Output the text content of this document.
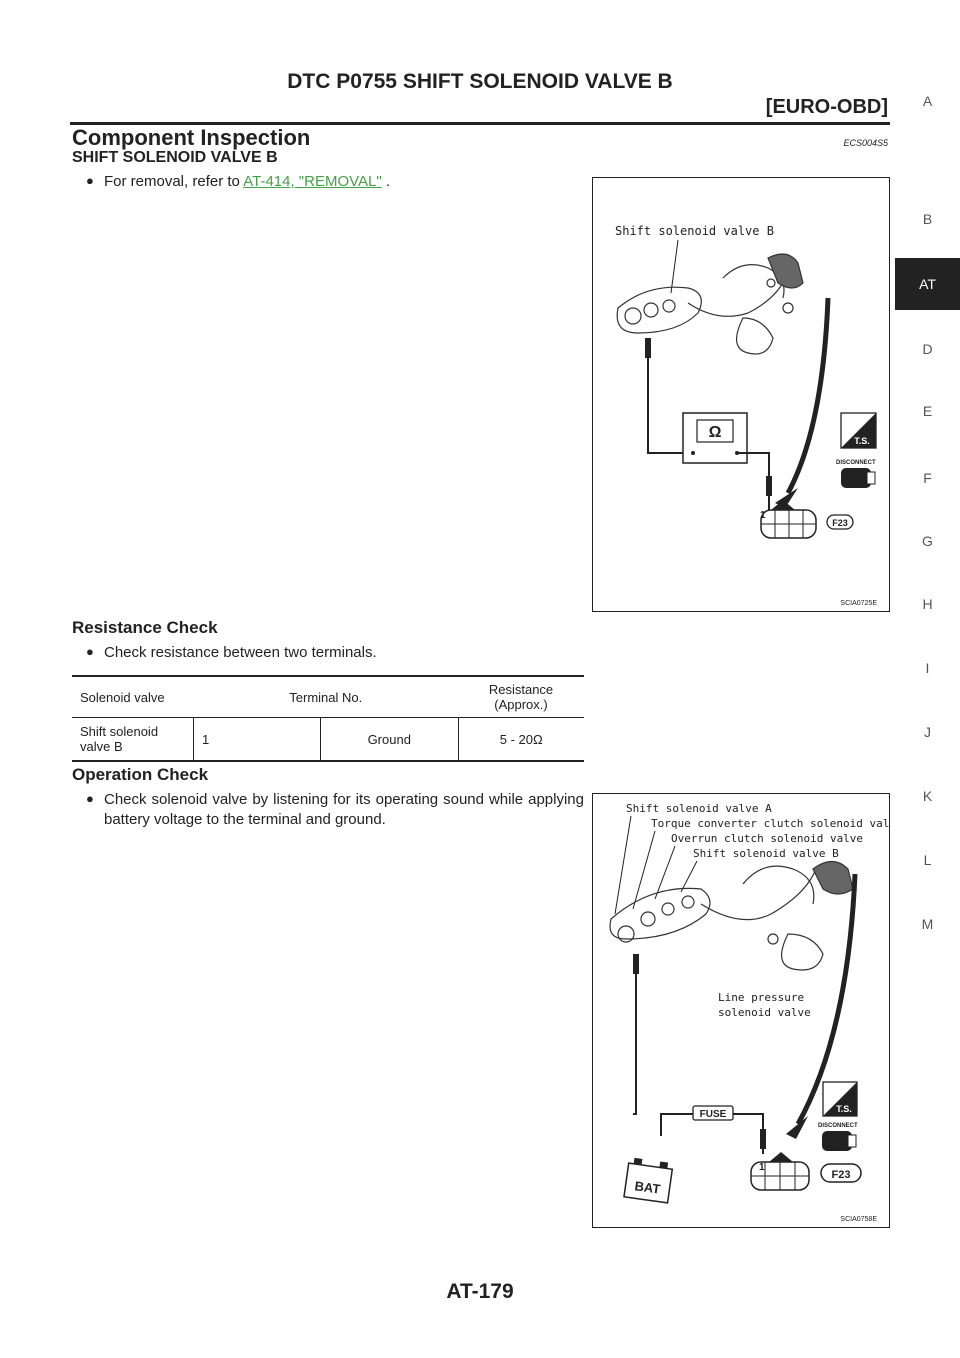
DTC P0755 SHIFT SOLENOID VALVE B
[EURO-OBD]
Component Inspection	ECS004S5
SHIFT SOLENOID VALVE B
● For removal, refer to AT-414, "REMOVAL" .
Shift solenoid valve B
Ω
1
F23
T.S.
DISCONNECT
SCIA0725E
Resistance Check
● Check resistance between two terminals.
Solenoid valve	Terminal No.		Resistance (Approx.)
Shift solenoid valve B	1	Ground	5 - 20Ω
Operation Check
● Check solenoid valve by listening for its operating sound while applying battery voltage to the terminal and ground.
Shift solenoid valve A
Torque converter clutch solenoid valve
Overrun clutch solenoid valve
Shift solenoid valve B
Line pressure
solenoid valve
FUSE
BAT
1
F23
T.S.
DISCONNECT
SCIA0758E
A
B
AT
D
E
F
G
H
I
J
K
L
M
AT-179
